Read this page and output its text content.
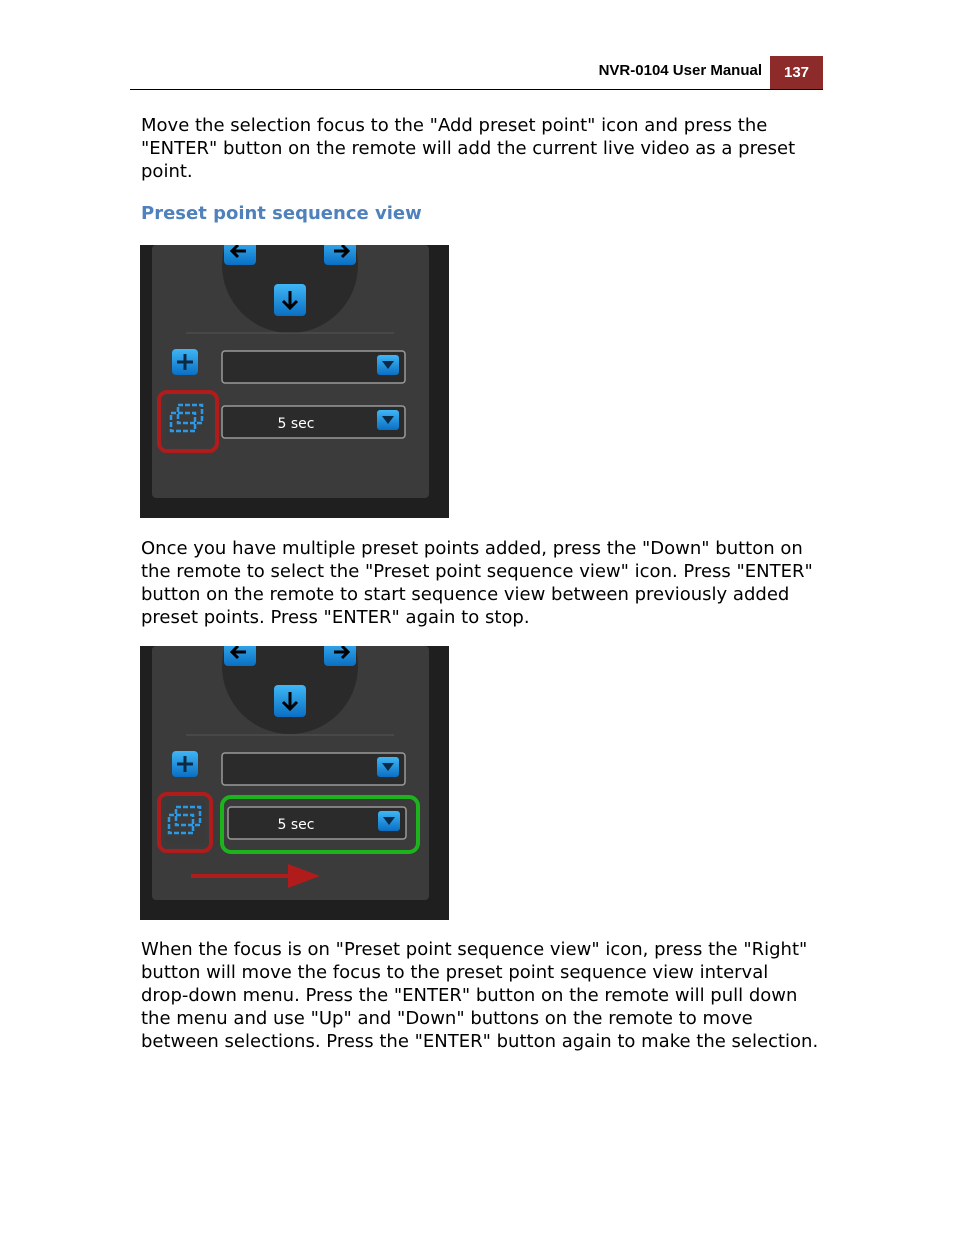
NVR-0104 User Manual	137

Move the selection focus to the "Add preset point" icon and press the "ENTER" button on the remote will add the current live video as a preset point.

Preset point sequence view
5 sec

Once you have multiple preset points added, press the "Down" button on the remote to select the "Preset point sequence view" icon. Press "ENTER" button on the remote to start sequence view between previously added preset points. Press "ENTER" again to stop.

5 sec

When the focus is on "Preset point sequence view" icon, press the "Right" button will move the focus to the preset point sequence view interval drop-down menu. Press the "ENTER" button on the remote will pull down the menu and use "Up" and "Down" buttons on the remote to move between selections. Press the "ENTER" button again to make the selection.
